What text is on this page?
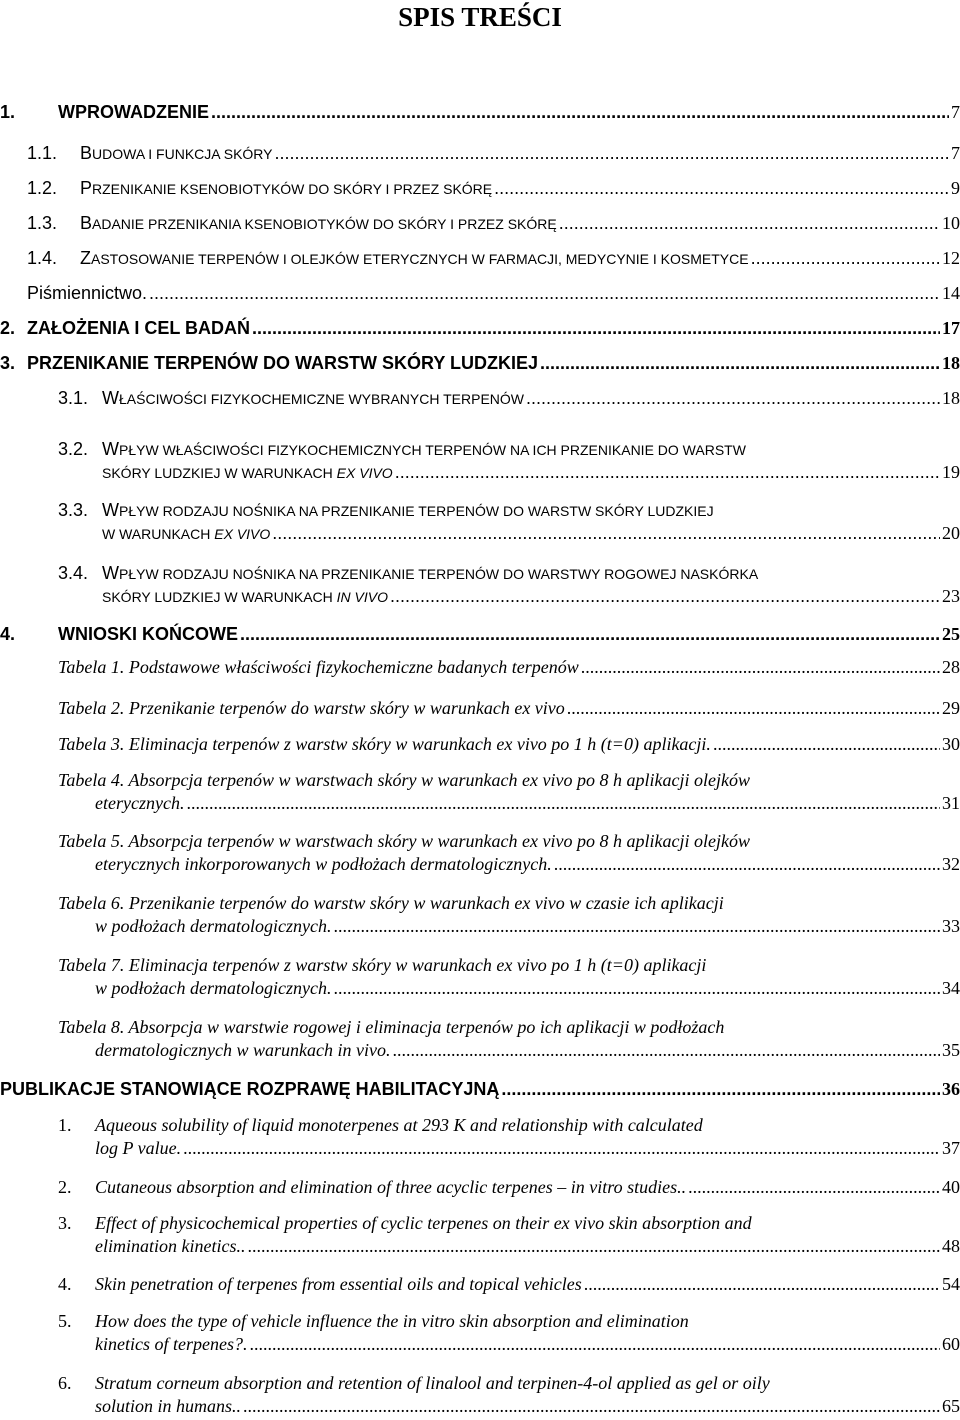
SPIS TREŚCI
1.	WPROWADZENIE .....	7
1.1.	BUDOWA I FUNKCJA SKÓRY .....	7
1.2.	PRZENIKANIE KSENOBIOTYKÓW DO SKÓRY I PRZEZ SKÓRĘ .....	9
1.3.	BADANIE PRZENIKANIA KSENOBIOTYKÓW DO SKÓRY I PRZEZ SKÓRĘ .....	10
1.4.	ZASTOSOWANIE TERPENÓW I OLEJKÓW ETERYCZNYCH W FARMACJI, MEDYCYNIE I KOSMETYCE .....	12
Piśmiennictwo. .....	14
2. ZAŁOŻENIA I CEL BADAŃ .....	17
3. PRZENIKANIE TERPENÓW DO WARSTW SKÓRY LUDZKIEJ .....	18
3.1. WŁAŚCIWOŚCI FIZYKOCHEMICZNE WYBRANYCH TERPENÓW .....	18
3.2. WPŁYW WŁAŚCIWOŚCI FIZYKOCHEMICZNYCH TERPENÓW NA ICH PRZENIKANIE DO WARSTW
SKÓRY LUDZKIEJ W WARUNKACH EX VIVO .....	19
3.3. WPŁYW RODZAJU NOŚNIKA NA PRZENIKANIE TERPENÓW DO WARSTW SKÓRY LUDZKIEJ
W WARUNKACH EX VIVO .....	20
3.4. WPŁYW RODZAJU NOŚNIKA NA PRZENIKANIE TERPENÓW DO WARSTWY ROGOWEJ NASKÓRKA
SKÓRY LUDZKIEJ W WARUNKACH IN VIVO .....	23
4.	WNIOSKI KOŃCOWE .....	25
Tabela 1. Podstawowe właściwości fizykochemiczne badanych terpenów .....	28
Tabela 2. Przenikanie terpenów do warstw skóry w warunkach ex vivo .....	29
Tabela 3. Eliminacja terpenów z warstw skóry w warunkach ex vivo po 1 h (t=0) aplikacji. .....	30
Tabela 4. Absorpcja terpenów w warstwach skóry w warunkach ex vivo po 8 h aplikacji olejków
eterycznych. .....	31
Tabela 5. Absorpcja terpenów w warstwach skóry w warunkach ex vivo po 8 h aplikacji olejków
eterycznych inkorporowanych w podłożach dermatologicznych. .....	32
Tabela 6. Przenikanie terpenów do warstw skóry w warunkach ex vivo w czasie ich aplikacji
w podłożach dermatologicznych. .....	33
Tabela 7. Eliminacja terpenów z warstw skóry w warunkach ex vivo po 1 h (t=0) aplikacji
w podłożach dermatologicznych. .....	34
Tabela 8. Absorpcja w warstwie rogowej i eliminacja terpenów po ich aplikacji w podłożach
dermatologicznych w warunkach in vivo. .....	35
PUBLIKACJE STANOWIĄCE ROZPRAWĘ HABILITACYJNĄ .....	36
1.	Aqueous solubility of liquid monoterpenes at 293 K and relationship with calculated
log P value. .....	37
2.	Cutaneous absorption and elimination of three acyclic terpenes – in vitro studies.. .....	40
3.	Effect of physicochemical properties of cyclic terpenes on their ex vivo skin absorption and
elimination kinetics.. .....	48
4.	Skin penetration of terpenes from essential oils and topical vehicles .....	54
5.	How does the type of vehicle influence the in vitro skin absorption and elimination
kinetics of terpenes?. .....	60
6.	Stratum corneum absorption and retention of linalool and terpinen-4-ol applied as gel or oily
solution in humans.. .....	65
